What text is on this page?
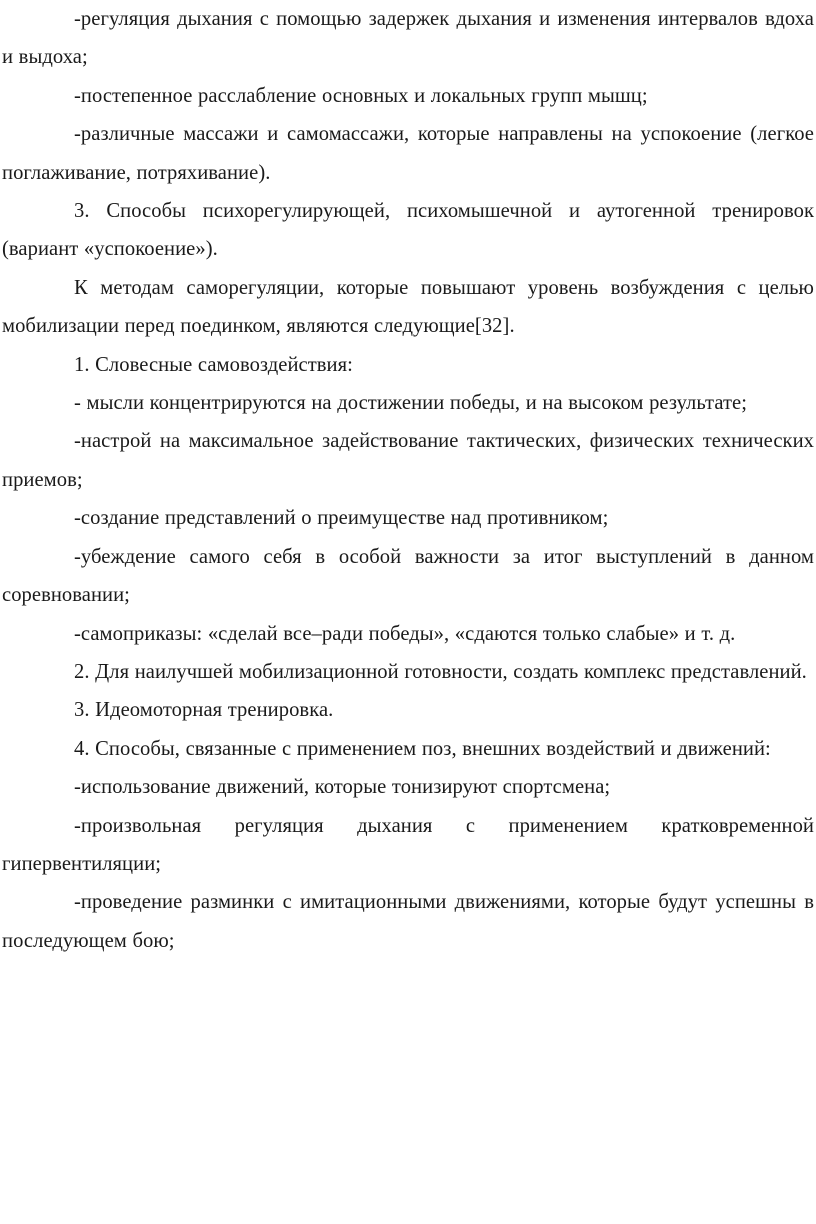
-регуляция дыхания с помощью задержек дыхания и изменения интервалов вдоха и выдоха;

-постепенное расслабление основных и локальных групп мышц;

-различные массажи и самомассажи, которые направлены на успокоение (легкое поглаживание, потряхивание).

3. Способы психорегулирующей, психомышечной и аутогенной тренировок (вариант «успокоение»).

К методам саморегуляции, которые повышают уровень возбуждения с целью мобилизации перед поединком, являются следующие[32].

1. Словесные самовоздействия:

- мысли концентрируются на достижении победы, и на высоком результате;

-настрой на максимальное задействование тактических, физических технических приемов;

-создание представлений о преимуществе над противником;

-убеждение самого себя в особой важности за итог выступлений в данном соревновании;

-самоприказы: «сделай все–ради победы», «сдаются только слабые» и т. д.

2. Для наилучшей мобилизационной готовности, создать комплекс представлений.

3. Идеомоторная тренировка.

4. Способы, связанные с применением поз, внешних воздействий и движений:

-использование движений, которые тонизируют спортсмена;

-произвольная регуляция дыхания с применением кратковременной гипервентиляции;

-проведение разминки с имитационными движениями, которые будут успешны в последующем бою;
